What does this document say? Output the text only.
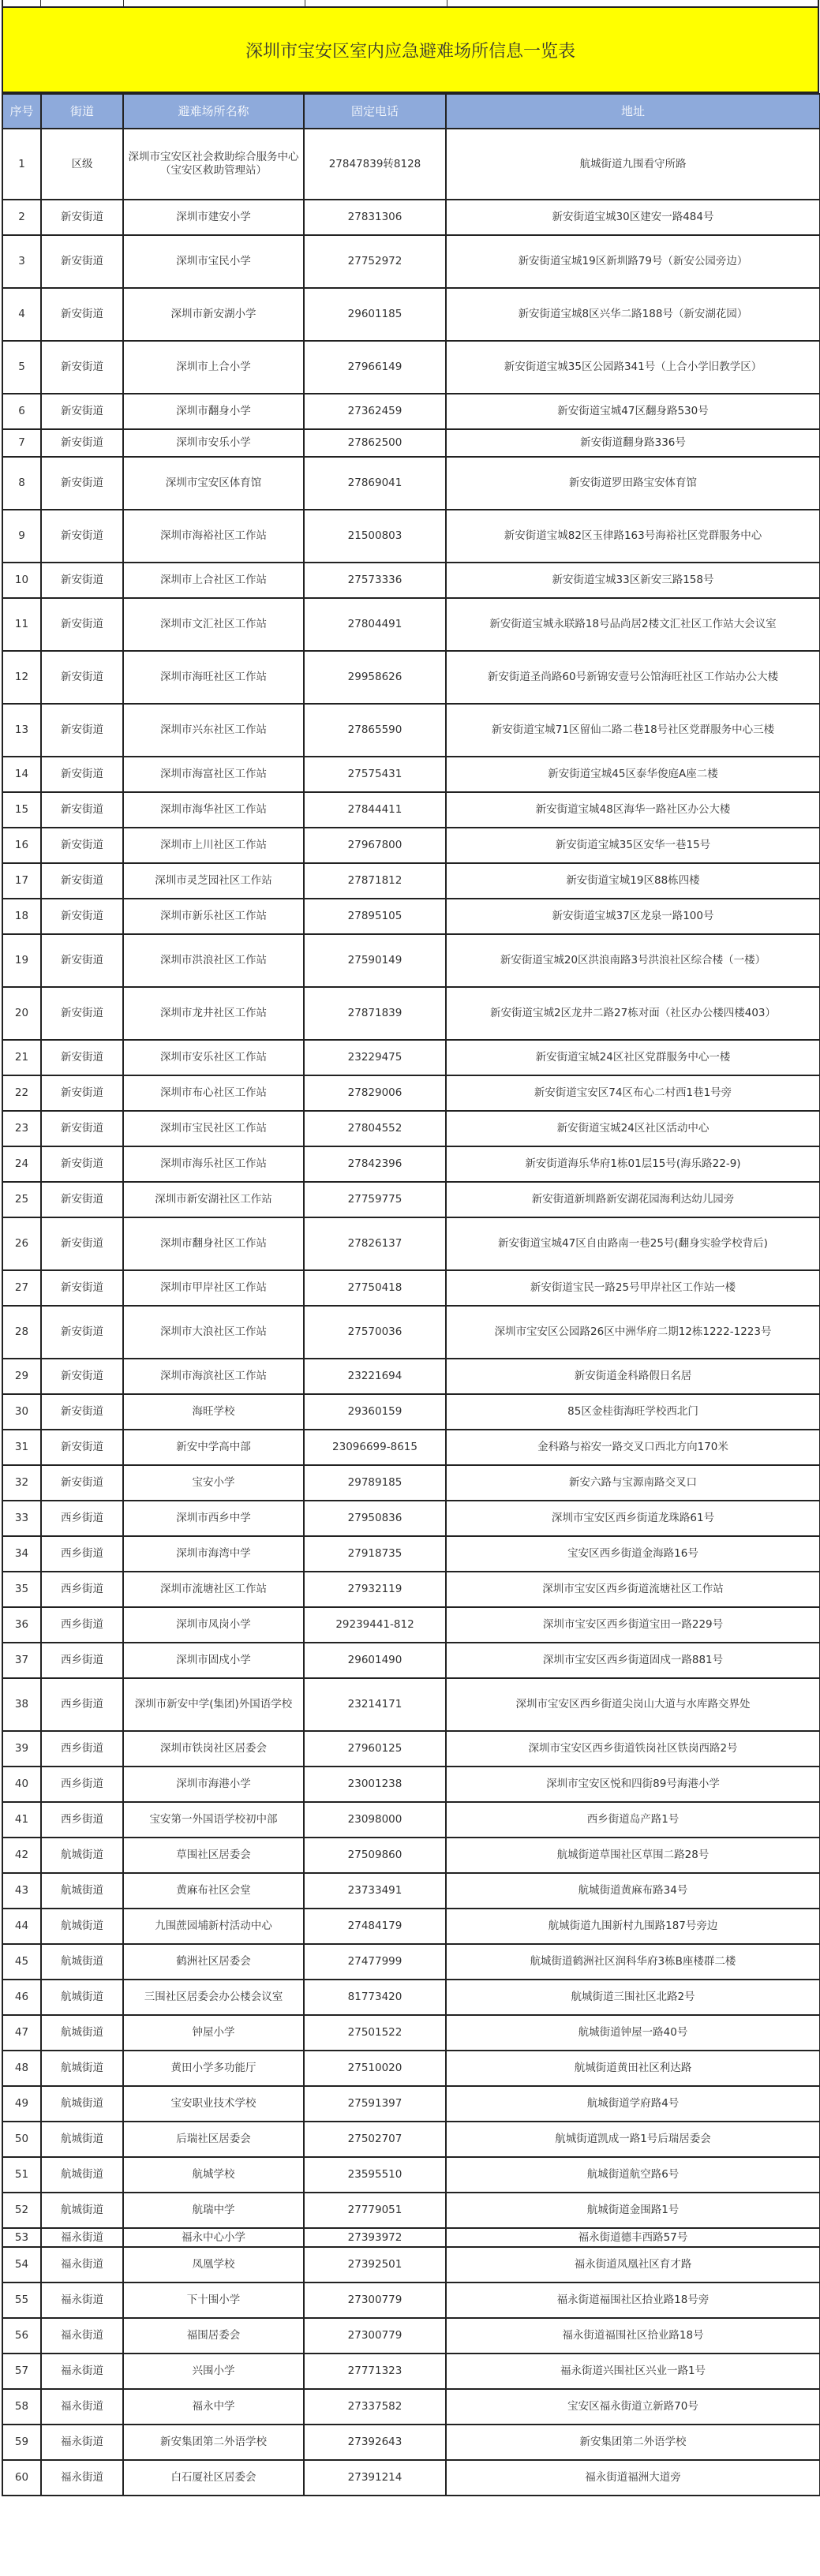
深圳市宝安区室内应急避难场所信息一览表
序号	街道	避难场所名称	固定电话	地址
1	区级	深圳市宝安区社会救助综合服务中心（宝安区救助管理站）	27847839转8128	航城街道九围看守所路
2	新安街道	深圳市建安小学	27831306	新安街道宝城30区建安一路484号
3	新安街道	深圳市宝民小学	27752972	新安街道宝城19区新圳路79号（新安公园旁边）
4	新安街道	深圳市新安湖小学	29601185	新安街道宝城8区兴华二路188号（新安湖花园）
5	新安街道	深圳市上合小学	27966149	新安街道宝城35区公园路341号（上合小学旧教学区）
6	新安街道	深圳市翻身小学	27362459	新安街道宝城47区翻身路530号
7	新安街道	深圳市安乐小学	27862500	新安街道翻身路336号
8	新安街道	深圳市宝安区体育馆	27869041	新安街道罗田路宝安体育馆
9	新安街道	深圳市海裕社区工作站	21500803	新安街道宝城82区玉律路163号海裕社区党群服务中心
10	新安街道	深圳市上合社区工作站	27573336	新安街道宝城33区新安三路158号
11	新安街道	深圳市文汇社区工作站	27804491	新安街道宝城永联路18号品尚居2楼文汇社区工作站大会议室
12	新安街道	深圳市海旺社区工作站	29958626	新安街道圣尚路60号新锦安壹号公馆海旺社区工作站办公大楼
13	新安街道	深圳市兴东社区工作站	27865590	新安街道宝城71区留仙二路二巷18号社区党群服务中心三楼
14	新安街道	深圳市海富社区工作站	27575431	新安街道宝城45区泰华俊庭A座二楼
15	新安街道	深圳市海华社区工作站	27844411	新安街道宝城48区海华一路社区办公大楼
16	新安街道	深圳市上川社区工作站	27967800	新安街道宝城35区安华一巷15号
17	新安街道	深圳市灵芝园社区工作站	27871812	新安街道宝城19区88栋四楼
18	新安街道	深圳市新乐社区工作站	27895105	新安街道宝城37区龙泉一路100号
19	新安街道	深圳市洪浪社区工作站	27590149	新安街道宝城20区洪浪南路3号洪浪社区综合楼（一楼）
20	新安街道	深圳市龙井社区工作站	27871839	新安街道宝城2区龙井二路27栋对面（社区办公楼四楼403）
21	新安街道	深圳市安乐社区工作站	23229475	新安街道宝城24区社区党群服务中心一楼
22	新安街道	深圳市布心社区工作站	27829006	新安街道宝安区74区布心二村西1巷1号旁
23	新安街道	深圳市宝民社区工作站	27804552	新安街道宝城24区社区活动中心
24	新安街道	深圳市海乐社区工作站	27842396	新安街道海乐华府1栋01层15号(海乐路22-9)
25	新安街道	深圳市新安湖社区工作站	27759775	新安街道新圳路新安湖花园海利达幼儿园旁
26	新安街道	深圳市翻身社区工作站	27826137	新安街道宝城47区自由路南一巷25号(翻身实验学校背后)
27	新安街道	深圳市甲岸社区工作站	27750418	新安街道宝民一路25号甲岸社区工作站一楼
28	新安街道	深圳市大浪社区工作站	27570036	深圳市宝安区公园路26区中洲华府二期12栋1222-1223号
29	新安街道	深圳市海滨社区工作站	23221694	新安街道金科路假日名居
30	新安街道	海旺学校	29360159	85区金桂街海旺学校西北门
31	新安街道	新安中学高中部	23096699-8615	金科路与裕安一路交叉口西北方向170米
32	新安街道	宝安小学	29789185	新安六路与宝源南路交叉口
33	西乡街道	深圳市西乡中学	27950836	深圳市宝安区西乡街道龙珠路61号
34	西乡街道	深圳市海湾中学	27918735	宝安区西乡街道金海路16号
35	西乡街道	深圳市流塘社区工作站	27932119	深圳市宝安区西乡街道流塘社区工作站
36	西乡街道	深圳市凤岗小学	29239441-812	深圳市宝安区西乡街道宝田一路229号
37	西乡街道	深圳市固戍小学	29601490	深圳市宝安区西乡街道固戍一路881号
38	西乡街道	深圳市新安中学(集团)外国语学校	23214171	深圳市宝安区西乡街道尖岗山大道与水库路交界处
39	西乡街道	深圳市铁岗社区居委会	27960125	深圳市宝安区西乡街道铁岗社区铁岗西路2号
40	西乡街道	深圳市海港小学	23001238	深圳市宝安区悦和四街89号海港小学
41	西乡街道	宝安第一外国语学校初中部	23098000	西乡街道岛产路1号
42	航城街道	草围社区居委会	27509860	航城街道草围社区草围二路28号
43	航城街道	黄麻布社区会堂	23733491	航城街道黄麻布路34号
44	航城街道	九围蔗园埔新村活动中心	27484179	航城街道九围新村九围路187号旁边
45	航城街道	鹤洲社区居委会	27477999	航城街道鹤洲社区润科华府3栋B座楼群二楼
46	航城街道	三围社区居委会办公楼会议室	81773420	航城街道三围社区北路2号
47	航城街道	钟屋小学	27501522	航城街道钟屋一路40号
48	航城街道	黄田小学多功能厅	27510020	航城街道黄田社区利达路
49	航城街道	宝安职业技术学校	27591397	航城街道学府路4号
50	航城街道	后瑞社区居委会	27502707	航城街道凯成一路1号后瑞居委会
51	航城街道	航城学校	23595510	航城街道航空路6号
52	航城街道	航瑞中学	27779051	航城街道金围路1号
53	福永街道	福永中心小学	27393972	福永街道德丰西路57号
54	福永街道	凤凰学校	27392501	福永街道凤凰社区育才路
55	福永街道	下十围小学	27300779	福永街道福围社区拾业路18号旁
56	福永街道	福围居委会	27300779	福永街道福围社区拾业路18号
57	福永街道	兴围小学	27771323	福永街道兴围社区兴业一路1号
58	福永街道	福永中学	27337582	宝安区福永街道立新路70号
59	福永街道	新安集团第二外语学校	27392643	新安集团第二外语学校
60	福永街道	白石厦社区居委会	27391214	福永街道福洲大道旁
